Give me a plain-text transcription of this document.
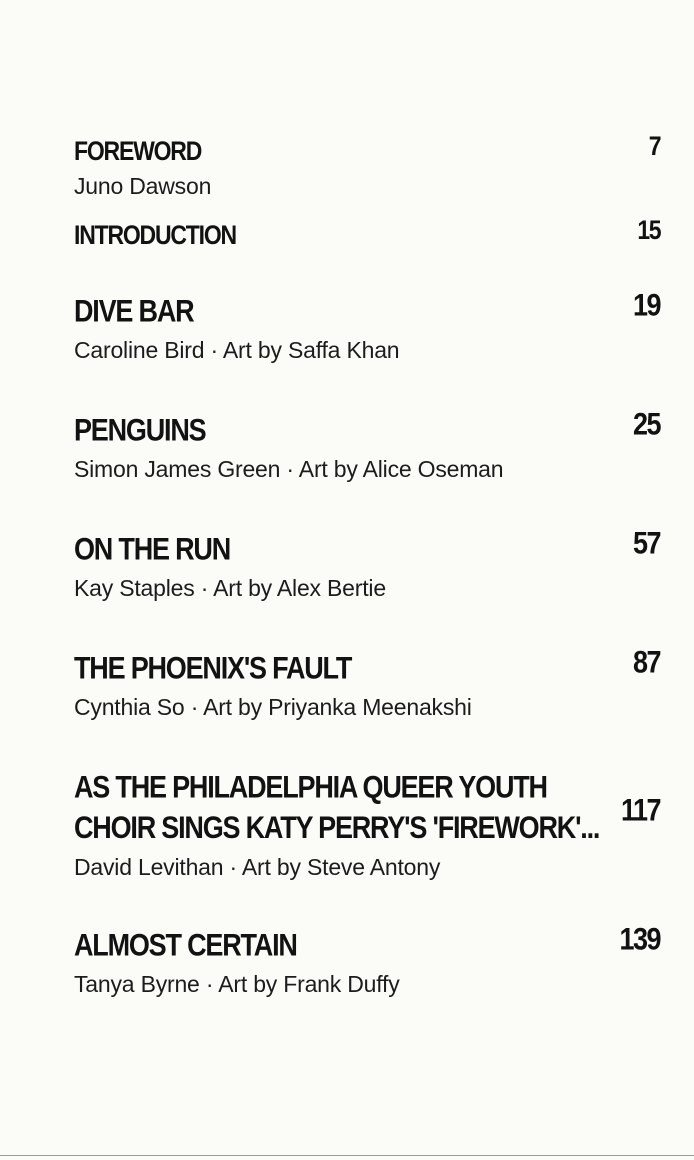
FOREWORD	7
Juno Dawson
INTRODUCTION	15
DIVE BAR	19
Caroline Bird · Art by Saffa Khan
PENGUINS	25
Simon James Green · Art by Alice Oseman
ON THE RUN	57
Kay Staples · Art by Alex Bertie
THE PHOENIX'S FAULT	87
Cynthia So · Art by Priyanka Meenakshi
AS THE PHILADELPHIA QUEER YOUTH CHOIR SINGS KATY PERRY'S 'FIREWORK'... 117
David Levithan · Art by Steve Antony
ALMOST CERTAIN	139
Tanya Byrne · Art by Frank Duffy
